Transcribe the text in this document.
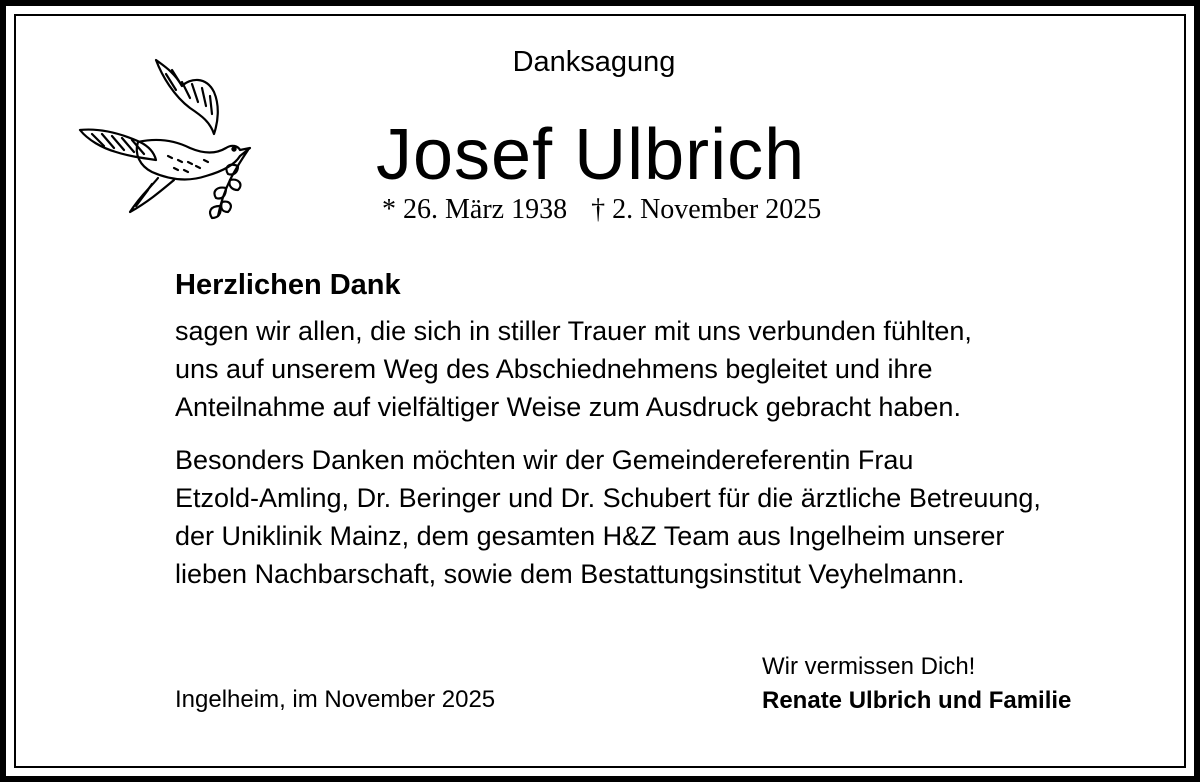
Danksagung
Josef Ulbrich
* 26. März 1938 † 2. November 2025
Herzlichen Dank
sagen wir allen, die sich in stiller Trauer mit uns verbunden fühlten,
uns auf unserem Weg des Abschiednehmens begleitet und ihre
Anteilnahme auf vielfältiger Weise zum Ausdruck gebracht haben.
Besonders Danken möchten wir der Gemeindereferentin Frau
Etzold-Amling, Dr. Beringer und Dr. Schubert für die ärztliche Betreuung,
der Uniklinik Mainz, dem gesamten H&Z Team aus Ingelheim unserer
lieben Nachbarschaft, sowie dem Bestattungsinstitut Veyhelmann.
Ingelheim, im November 2025
Wir vermissen Dich!
Renate Ulbrich und Familie
